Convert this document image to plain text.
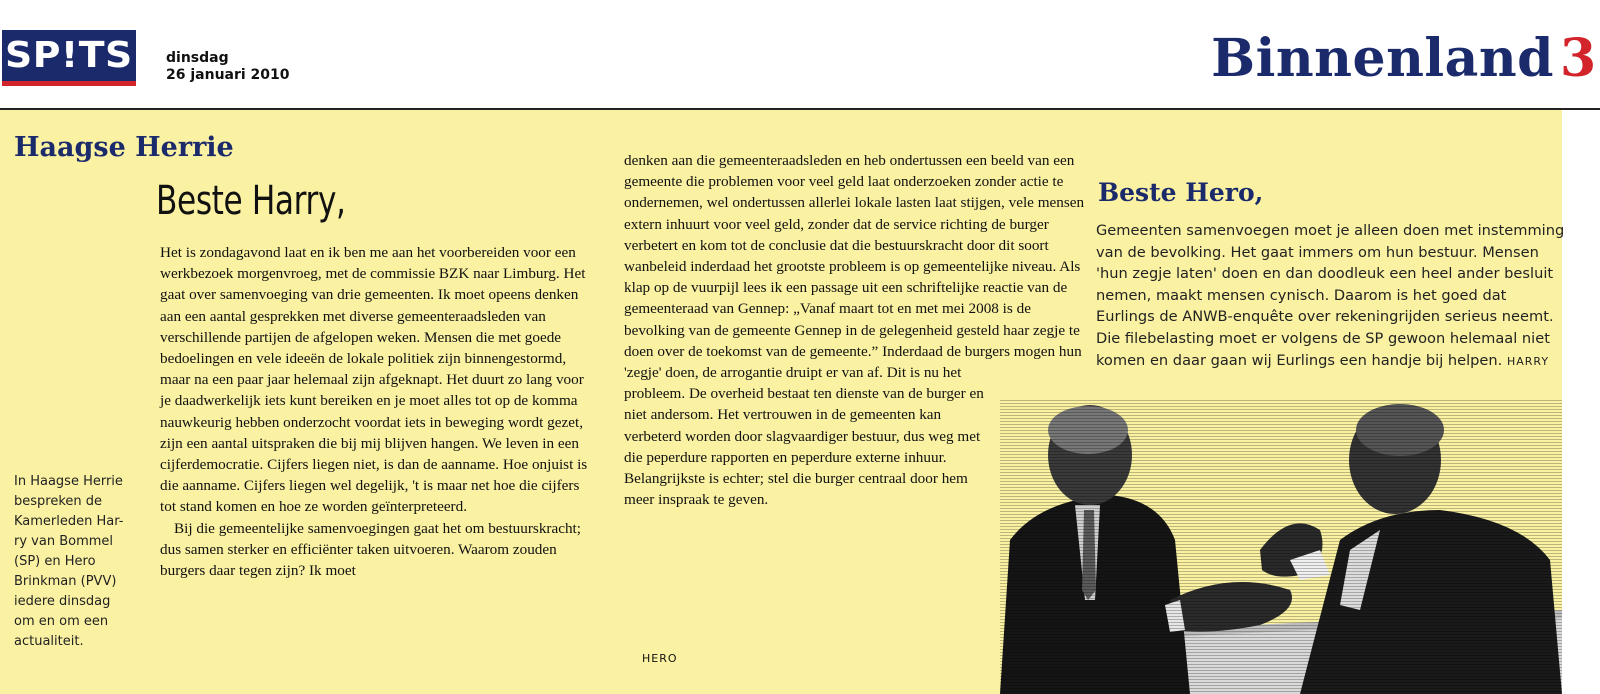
SP!TS dinsdag
26 januari 2010	Binnenland 3
Haagse Herrie
In Haagse Herrie bespreken de Kamerleden Har-ry van Bommel (SP) en Hero Brinkman (PVV) iedere dinsdag om en om een actualiteit.
Beste Harry,

Het is zondagavond laat en ik ben me aan het voorbereiden voor een werkbezoek morgenvroeg, met de commissie BZK naar Limburg. Het gaat over samenvoeging van drie gemeenten. Ik moet opeens denken aan een aantal gesprekken met diverse gemeenteraadsleden van verschillende partijen de afgelopen weken. Mensen die met goede bedoelingen en vele ideeën de lokale politiek zijn binnengestormd, maar na een paar jaar helemaal zijn afgeknapt. Het duurt zo lang voor je daadwerkelijk iets kunt bereiken en je moet alles tot op de komma nauwkeurig hebben onderzocht voordat iets in beweging wordt gezet, zijn een aantal uitspraken die bij mij blijven hangen. We leven in een cijferdemocratie. Cijfers liegen niet, is dan de aanname. Hoe onjuist is die aanname. Cijfers liegen wel degelijk, 't is maar net hoe die cijfers tot stand komen en hoe ze worden geïnterpreteerd.

Bij die gemeentelijke samenvoegingen gaat het om bestuurskracht; dus samen sterker en efficiënter taken uitvoeren. Waarom zouden burgers daar tegen zijn? Ik moet

denken aan die gemeenteraadsleden en heb ondertussen een beeld van een gemeente die problemen voor veel geld laat onderzoeken zonder actie te ondernemen, wel ondertussen allerlei lokale lasten laat stijgen, vele mensen extern inhuurt voor veel geld, zonder dat de service richting de burger verbetert en kom tot de conclusie dat die bestuurskracht door dit soort wanbeleid inderdaad het grootste probleem is op gemeentelijke niveau. Als klap op de vuurpijl lees ik een passage uit een schriftelijke reactie van de gemeenteraad van Gennep: „Vanaf maart tot en met mei 2008 is de bevolking van de gemeente Gennep in de gelegenheid gesteld haar zegje te doen over de toekomst van de gemeente.” Inderdaad de burgers mogen hun

'zegje' doen, de arrogantie druipt er van af. Dit is nu het probleem. De overheid bestaat ten dienste van de burger en niet andersom. Het vertrouwen in de gemeenten kan verbeterd worden door slagvaardiger bestuur, dus weg met die peperdure rapporten en peperdure externe inhuur. Belangrijkste is echter; stel die burger centraal door hem meer inspraak te geven.

HERO
Beste Hero,

Gemeenten samenvoegen moet je alleen doen met instemming van de bevolking. Het gaat immers om hun bestuur. Mensen 'hun zegje laten' doen en dan doodleuk een heel ander besluit nemen, maakt mensen cynisch. Daarom is het goed dat Eurlings de ANWB-enquête over rekeningrijden serieus neemt. Die filebelasting moet er volgens de SP gewoon helemaal niet komen en daar gaan wij Eurlings een handje bij helpen. HARRY
